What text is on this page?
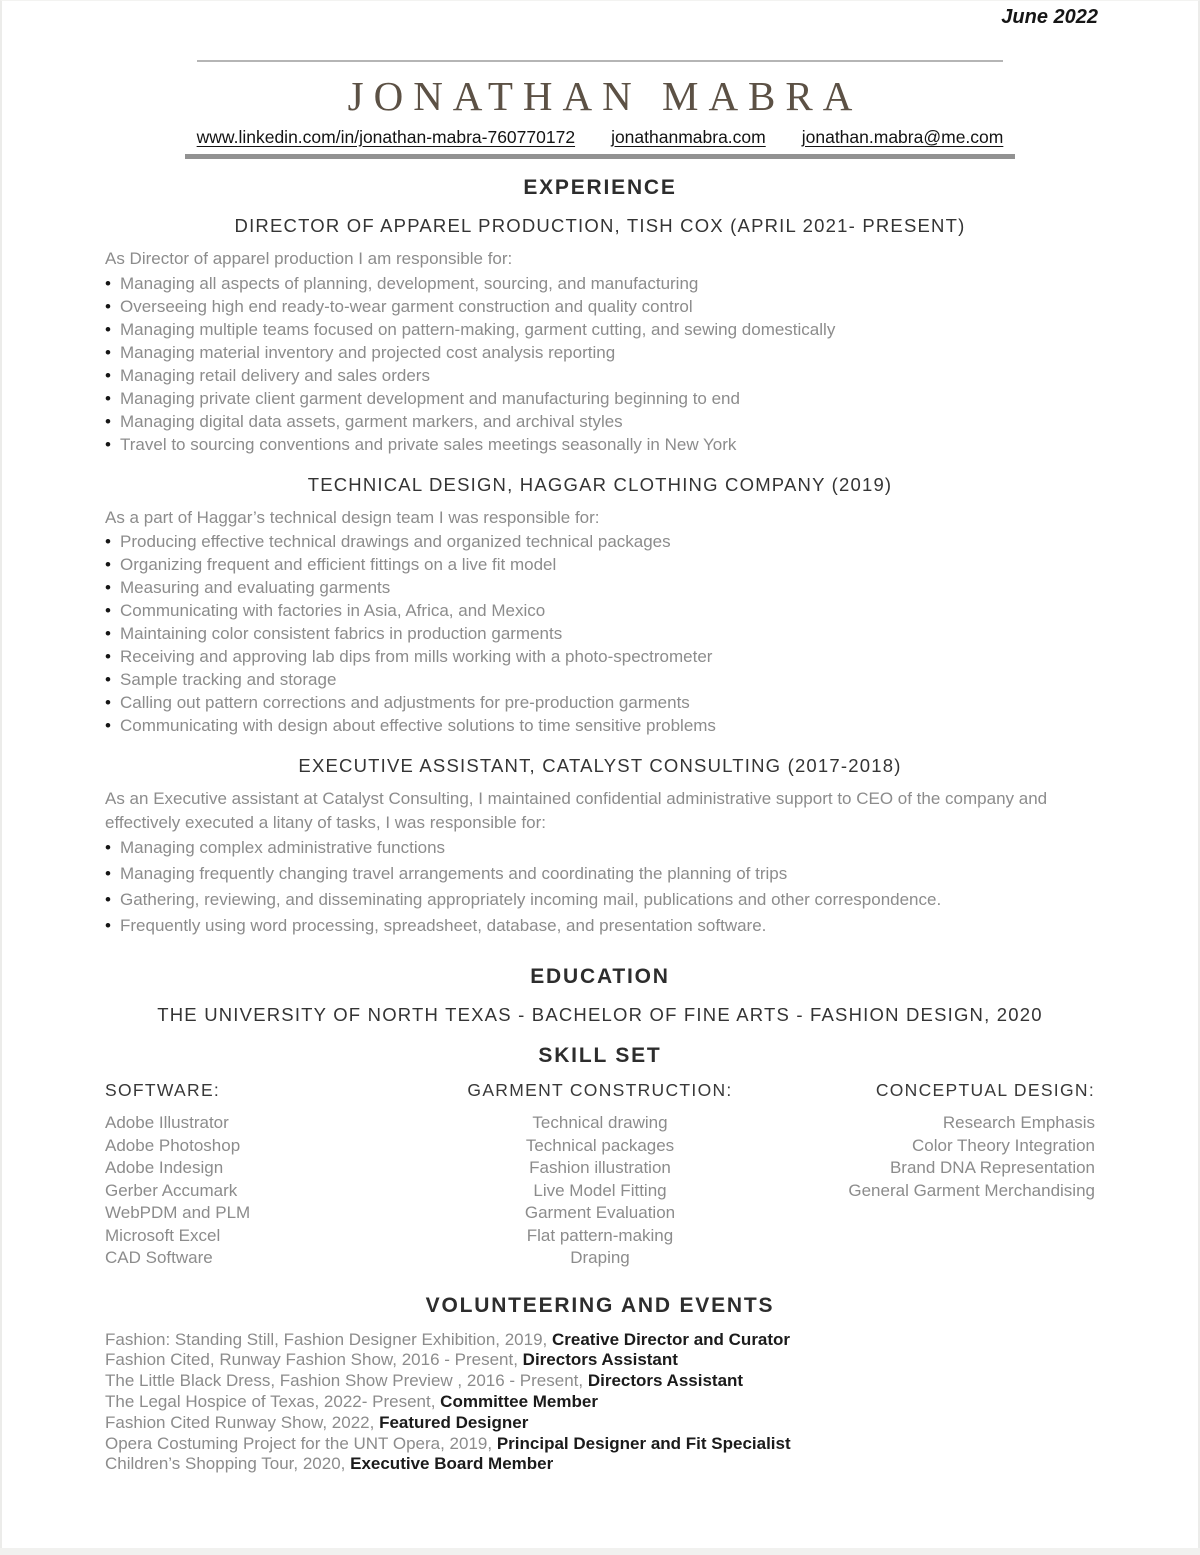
June 2022
JONATHAN MABRA
www.linkedin.com/in/jonathan-mabra-760770172 jonathanmabra.com jonathan.mabra@me.com
EXPERIENCE
DIRECTOR OF APPAREL PRODUCTION, TISH COX (APRIL 2021- PRESENT)

As Director of apparel production I am responsible for:

• Managing all aspects of planning, development, sourcing, and manufacturing
• Overseeing high end ready-to-wear garment construction and quality control
• Managing multiple teams focused on pattern-making, garment cutting, and sewing domestically
• Managing material inventory and projected cost analysis reporting
• Managing retail delivery and sales orders
• Managing private client garment development and manufacturing beginning to end
• Managing digital data assets, garment markers, and archival styles
• Travel to sourcing conventions and private sales meetings seasonally in New York
TECHNICAL DESIGN, HAGGAR CLOTHING COMPANY (2019)

As a part of Haggar’s technical design team I was responsible for:

• Producing effective technical drawings and organized technical packages
• Organizing frequent and efficient fittings on a live fit model
• Measuring and evaluating garments
• Communicating with factories in Asia, Africa, and Mexico
• Maintaining color consistent fabrics in production garments
• Receiving and approving lab dips from mills working with a photo-spectrometer
• Sample tracking and storage
• Calling out pattern corrections and adjustments for pre-production garments
• Communicating with design about effective solutions to time sensitive problems
EXECUTIVE ASSISTANT, CATALYST CONSULTING (2017-2018)

As an Executive assistant at Catalyst Consulting, I maintained confidential administrative support to CEO of the company and effectively executed a litany of tasks, I was responsible for:

• Managing complex administrative functions
• Managing frequently changing travel arrangements and coordinating the planning of trips
• Gathering, reviewing, and disseminating appropriately incoming mail, publications and other correspondence.
• Frequently using word processing, spreadsheet, database, and presentation software.
EDUCATION
THE UNIVERSITY OF NORTH TEXAS - BACHELOR OF FINE ARTS - FASHION DESIGN, 2020
SKILL SET
SOFTWARE:
Adobe Illustrator
Adobe Photoshop
Adobe Indesign
Gerber Accumark
WebPDM and PLM
Microsoft Excel
CAD Software
GARMENT CONSTRUCTION:
Technical drawing
Technical packages
Fashion illustration
Live Model Fitting
Garment Evaluation
Flat pattern-making
Draping
CONCEPTUAL DESIGN:
Research Emphasis
Color Theory Integration
Brand DNA Representation
General Garment Merchandising
VOLUNTEERING AND EVENTS
Fashion: Standing Still, Fashion Designer Exhibition, 2019, Creative Director and Curator
Fashion Cited, Runway Fashion Show, 2016 - Present, Directors Assistant
The Little Black Dress, Fashion Show Preview , 2016 - Present, Directors Assistant
The Legal Hospice of Texas, 2022- Present, Committee Member
Fashion Cited Runway Show, 2022, Featured Designer
Opera Costuming Project for the UNT Opera, 2019, Principal Designer and Fit Specialist
Children’s Shopping Tour, 2020, Executive Board Member
